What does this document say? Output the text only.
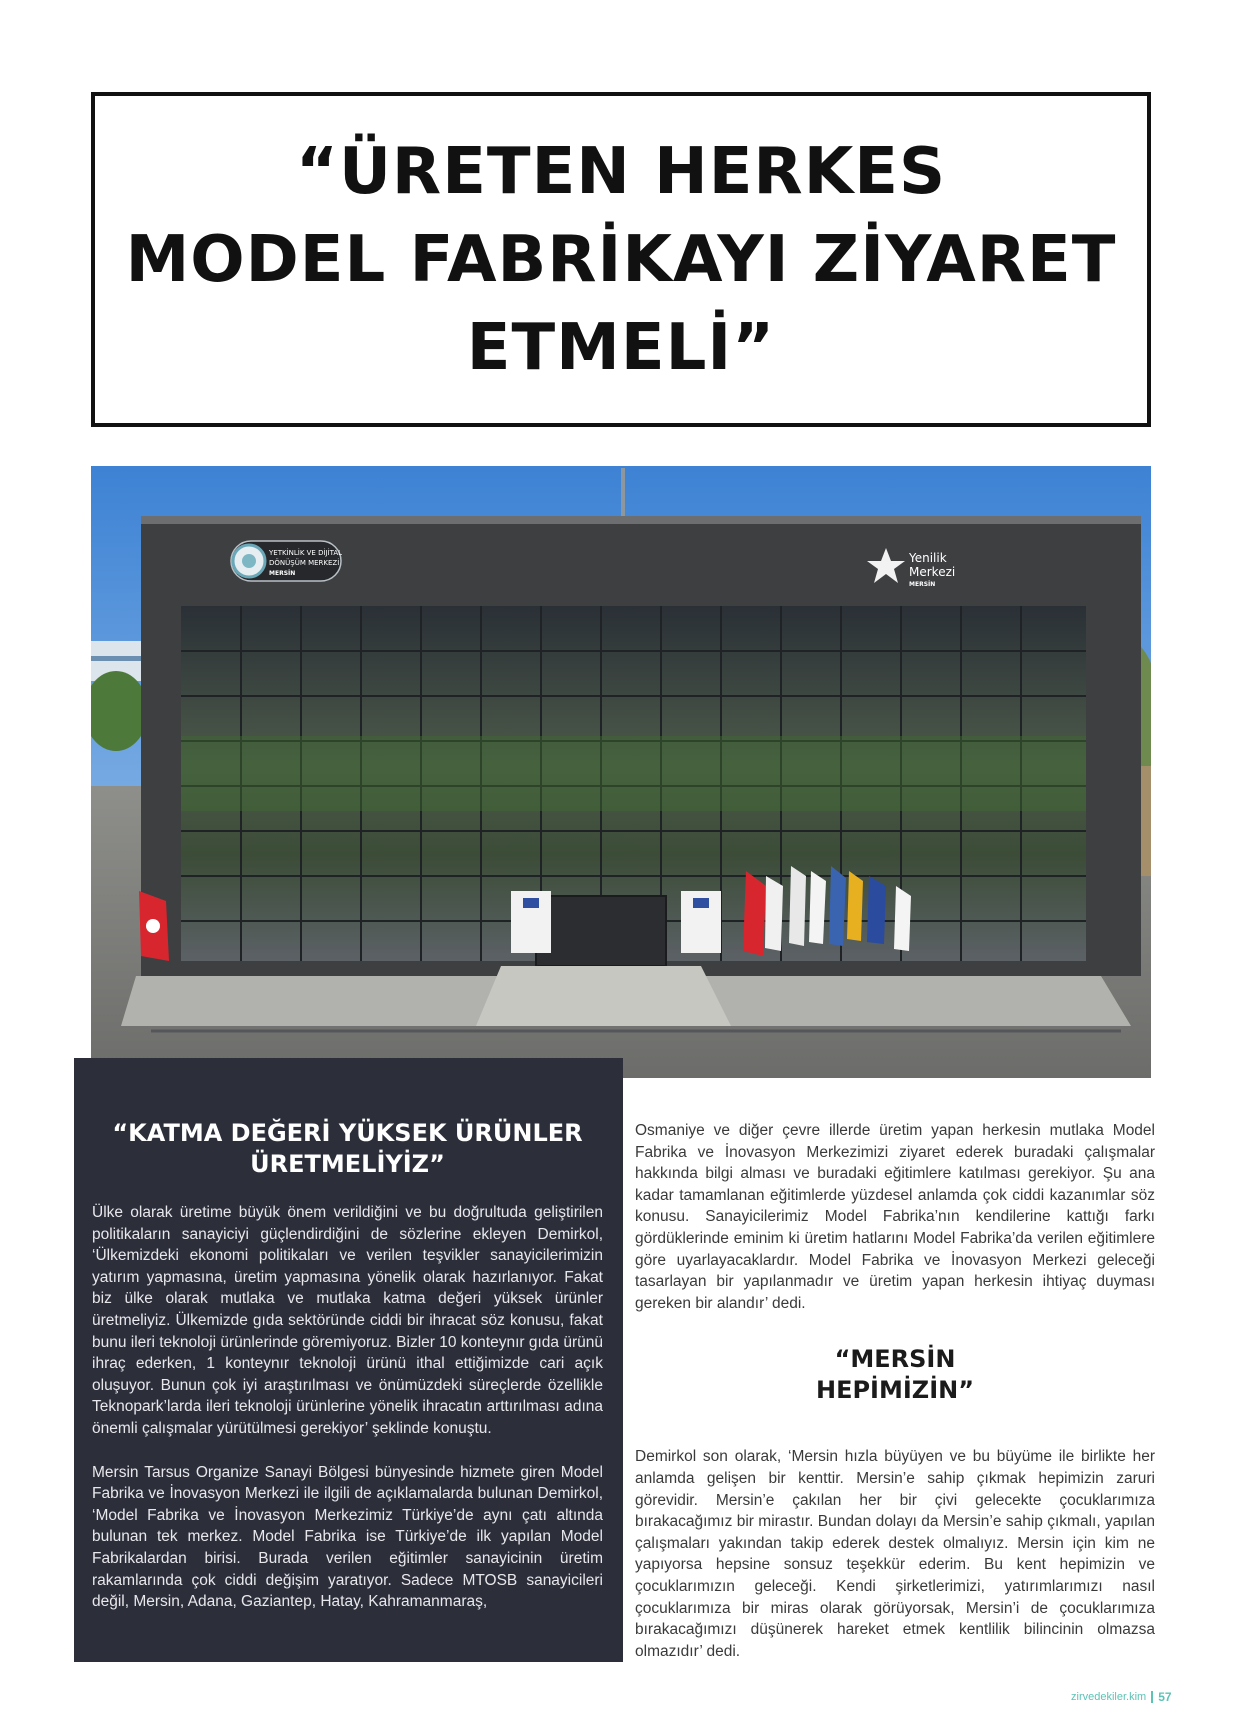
“ÜRETEN HERKES
MODEL FABRİKAYI ZİYARET
ETMELİ”
YETKİNLİK VE DİJİTAL
DÖNÜŞÜM MERKEZİ
MERSİN
Yenilik
Merkezi
MERSİN
“KATMA DEĞERİ YÜKSEK ÜRÜNLER ÜRETMELİYİZ”

Ülke olarak üretime büyük önem verildiğini ve bu doğrultuda geliştirilen politikaların sanayiciyi güçlendirdiğini de sözlerine ekleyen Demirkol, ‘Ülkemizdeki ekonomi politikaları ve verilen teşvikler sanayicilerimizin yatırım yapmasına, üretim yapmasına yönelik olarak hazırlanıyor. Fakat biz ülke olarak mutlaka ve mutlaka katma değeri yüksek ürünler üretmeliyiz. Ülkemizde gıda sektöründe ciddi bir ihracat söz konusu, fakat bunu ileri teknoloji ürünlerinde göremiyoruz. Bizler 10 konteynır gıda ürünü ihraç ederken, 1 konteynır teknoloji ürünü ithal ettiğimizde cari açık oluşuyor. Bunun çok iyi araştırılması ve önümüzdeki süreçlerde özellikle Teknopark’larda ileri teknoloji ürünlerine yönelik ihracatın arttırılması adına önemli çalışmalar yürütülmesi gerekiyor’ şeklinde konuştu.

Mersin Tarsus Organize Sanayi Bölgesi bünyesinde hizmete giren Model Fabrika ve İnovasyon Merkezi ile ilgili de açıklamalarda bulunan Demirkol, ‘Model Fabrika ve İnovasyon Merkezimiz Türkiye’de aynı çatı altında bulunan tek merkez. Model Fabrika ise Türkiye’de ilk yapılan Model Fabrikalardan birisi. Burada verilen eğitimler sanayicinin üretim rakamlarında çok ciddi değişim yaratıyor. Sadece MTOSB sanayicileri değil, Mersin, Adana, Gaziantep, Hatay, Kahramanmaraş,

Osmaniye ve diğer çevre illerde üretim yapan herkesin mutlaka Model Fabrika ve İnovasyon Merkezimizi ziyaret ederek buradaki çalışmalar hakkında bilgi alması ve buradaki eğitimlere katılması gerekiyor. Şu ana kadar tamamlanan eğitimlerde yüzdesel anlamda çok ciddi kazanımlar söz konusu. Sanayicilerimiz Model Fabrika’nın kendilerine kattığı farkı gördüklerinde eminim ki üretim hatlarını Model Fabrika’da verilen eğitimlere göre uyarlayacaklardır. Model Fabrika ve İnovasyon Merkezi geleceği tasarlayan bir yapılanmadır ve üretim yapan herkesin ihtiyaç duyması gereken bir alandır’ dedi.

“MERSİN
HEPİMİZİN”

Demirkol son olarak, ‘Mersin hızla büyüyen ve bu büyüme ile birlikte her anlamda gelişen bir kenttir. Mersin’e sahip çıkmak hepimizin zaruri görevidir. Mersin’e çakılan her bir çivi gelecekte çocuklarımıza bırakacağımız bir mirastır. Bundan dolayı da Mersin’e sahip çıkmalı, yapılan çalışmaları yakından takip ederek destek olmalıyız. Mersin için kim ne yapıyorsa hepsine sonsuz teşekkür ederim. Bu kent hepimizin ve çocuklarımızın geleceği. Kendi şirketlerimizi, yatırımlarımızı nasıl çocuklarımıza bir miras olarak görüyorsak, Mersin’i de çocuklarımıza bırakacağımızı düşünerek hareket etmek kentlilik bilincinin olmazsa olmazıdır’ dedi.

zirvedekiler.kim 57
